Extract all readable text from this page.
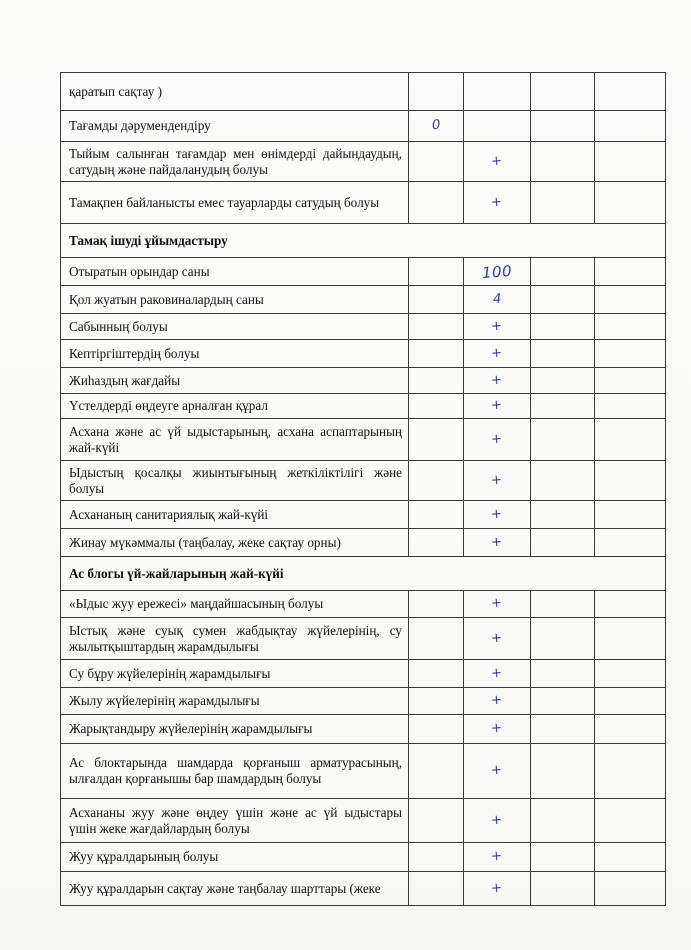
қаратып сақтау )				
Тағамды дәрумендендіру	0			
Тыйым салынған тағамдар мен өнімдерді дайындаудың, сатудың және пайдаланудың болуы		+		
Тамақпен байланысты емес тауарларды сатудың болуы		+		
Тамақ ішуді ұйымдастыру				
Отыратын орындар саны		100		
Қол жуатын раковиналардың саны		4		
Сабынның болуы		+		
Кептіргіштердің болуы		+		
Жиһаздың жағдайы		+		
Үстелдерді өңдеуге арналған құрал		+		
Асхана және ас үй ыдыстарының, асхана аспаптарының жай-күйі		+		
Ыдыстың қосалқы жиынтығының жеткіліктілігі және болуы		+		
Асхананың санитариялық жай-күйі		+		
Жинау мүкәммалы (таңбалау, жеке сақтау орны)		+		
Ас блогы үй-жайларының жай-күйі				
«Ыдыс жуу ережесі» маңдайшасының болуы		+		
Ыстық және суық сумен жабдықтау жүйелерінің, су жылытқыштардың жарамдылығы		+		
Су бұру жүйелерінің жарамдылығы		+		
Жылу жүйелерінің жарамдылығы		+		
Жарықтандыру жүйелерінің жарамдылығы		+		
Ас блоктарында шамдарда қорғаныш арматурасының, ылғалдан қорғанышы бар шамдардың болуы		+		
Асхананы жуу және өңдеу үшін және ас үй ыдыстары үшін жеке жағдайлардың болуы		+		
Жуу құралдарының болуы		+		
Жуу құралдарын сақтау және таңбалау шарттары (жеке		+		
